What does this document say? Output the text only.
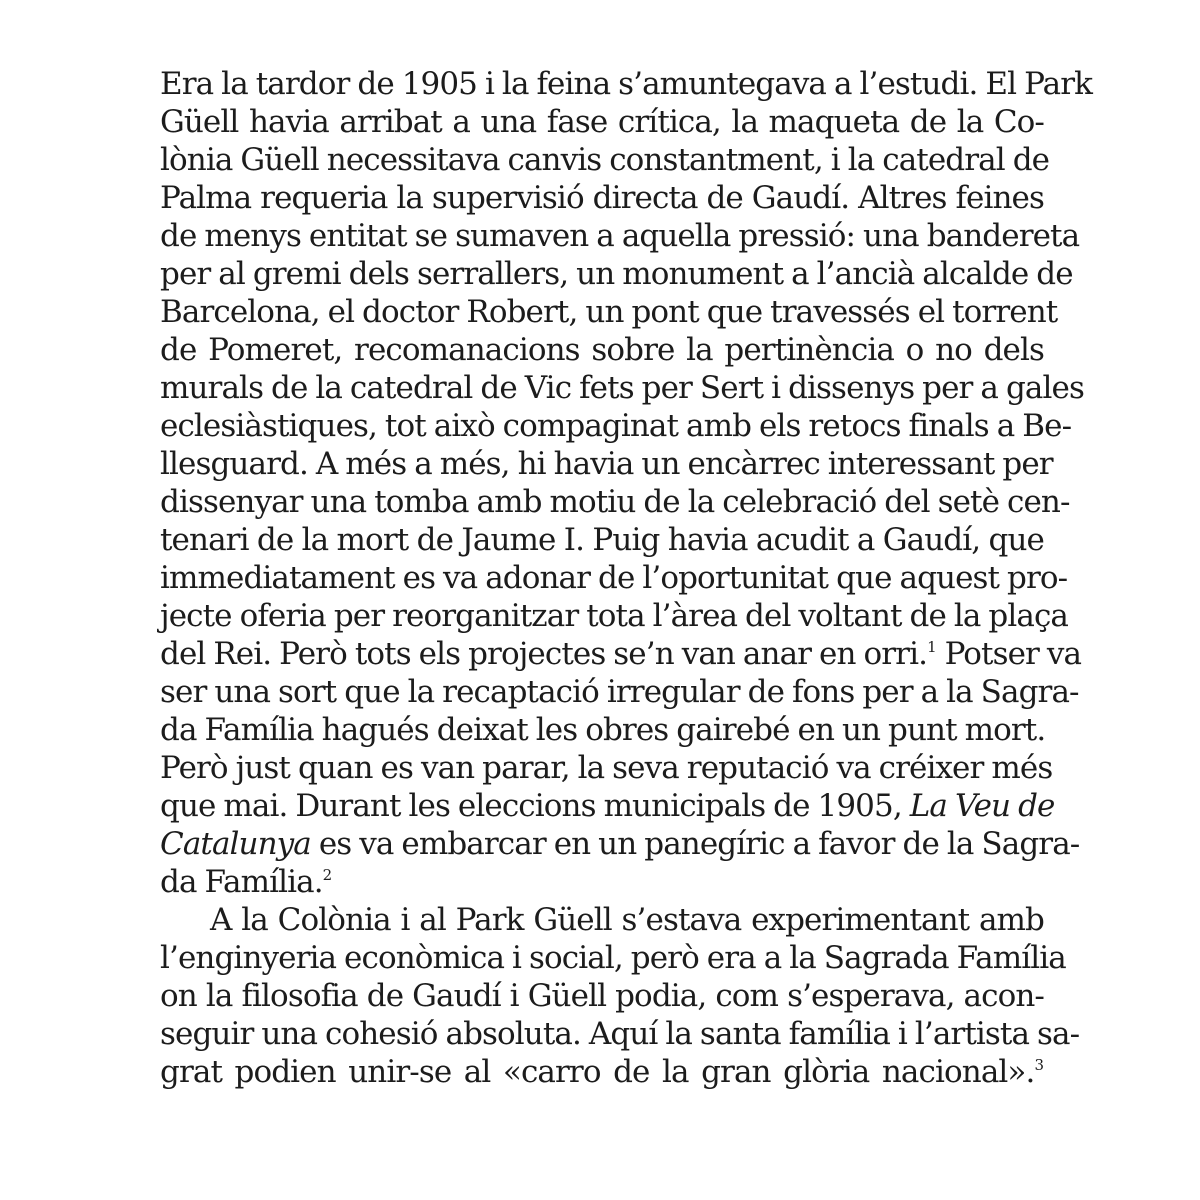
Era la tardor de 1905 i la feina s’amuntegava a l’estudi. El Park
Güell havia arribat a una fase crítica, la maqueta de la Co-
lònia Güell necessitava canvis constantment, i la catedral de
Palma requeria la supervisió directa de Gaudí. Altres feines
de menys entitat se sumaven a aquella pressió: una bandereta
per al gremi dels serrallers, un monument a l’ancià alcalde de
Barcelona, el doctor Robert, un pont que travessés el torrent
de Pomeret, recomanacions sobre la pertinència o no dels
murals de la catedral de Vic fets per Sert i dissenys per a gales
eclesiàstiques, tot això compaginat amb els retocs finals a Be-
llesguard. A més a més, hi havia un encàrrec interessant per
dissenyar una tomba amb motiu de la celebració del setè cen-
tenari de la mort de Jaume I. Puig havia acudit a Gaudí, que
immediatament es va adonar de l’oportunitat que aquest pro-
jecte oferia per reorganitzar tota l’àrea del voltant de la plaça
del Rei. Però tots els projectes se’n van anar en orri.$^1$ Potser va
ser una sort que la recaptació irregular de fons per a la Sagra-
da Família hagués deixat les obres gairebé en un punt mort.
Però just quan es van parar, la seva reputació va créixer més
que mai. Durant les eleccions municipals de 1905, La Veu de
Catalunya es va embarcar en un panegíric a favor de la Sagra-
da Família.$^2$
A la Colònia i al Park Güell s’estava experimentant amb
l’enginyeria econòmica i social, però era a la Sagrada Família
on la filosofia de Gaudí i Güell podia, com s’esperava, acon-
seguir una cohesió absoluta. Aquí la santa família i l’artista sa-
grat podien unir-se al «carro de la gran glòria nacional».$^3$
